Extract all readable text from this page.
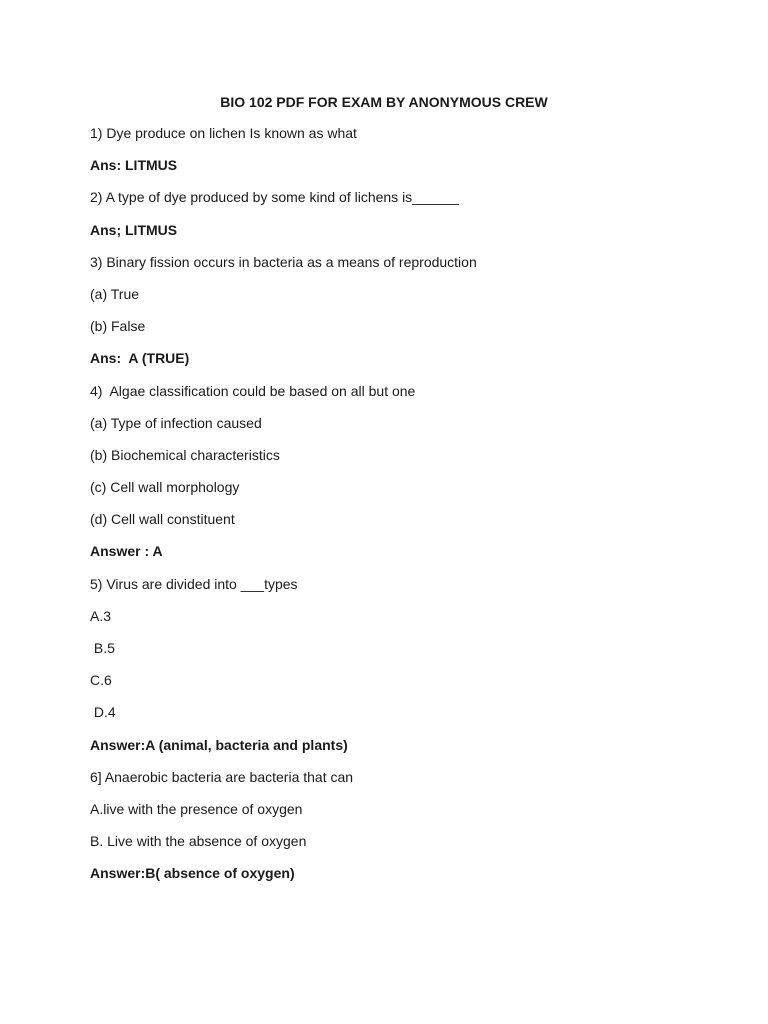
BIO 102 PDF FOR EXAM BY ANONYMOUS CREW
1) Dye produce on lichen Is known as what
Ans: LITMUS
2) A type of dye produced by some kind of lichens is______
Ans; LITMUS
3) Binary fission occurs in bacteria as a means of reproduction
(a) True
(b) False
Ans:  A (TRUE)
4)  Algae classification could be based on all but one
(a) Type of infection caused
(b) Biochemical characteristics
(c) Cell wall morphology
(d) Cell wall constituent
Answer : A
5) Virus are divided into ___types
A.3
B.5
C.6
D.4
Answer:A (animal, bacteria and plants)
6] Anaerobic bacteria are bacteria that can
A.live with the presence of oxygen
B. Live with the absence of oxygen
Answer:B( absence of oxygen)
